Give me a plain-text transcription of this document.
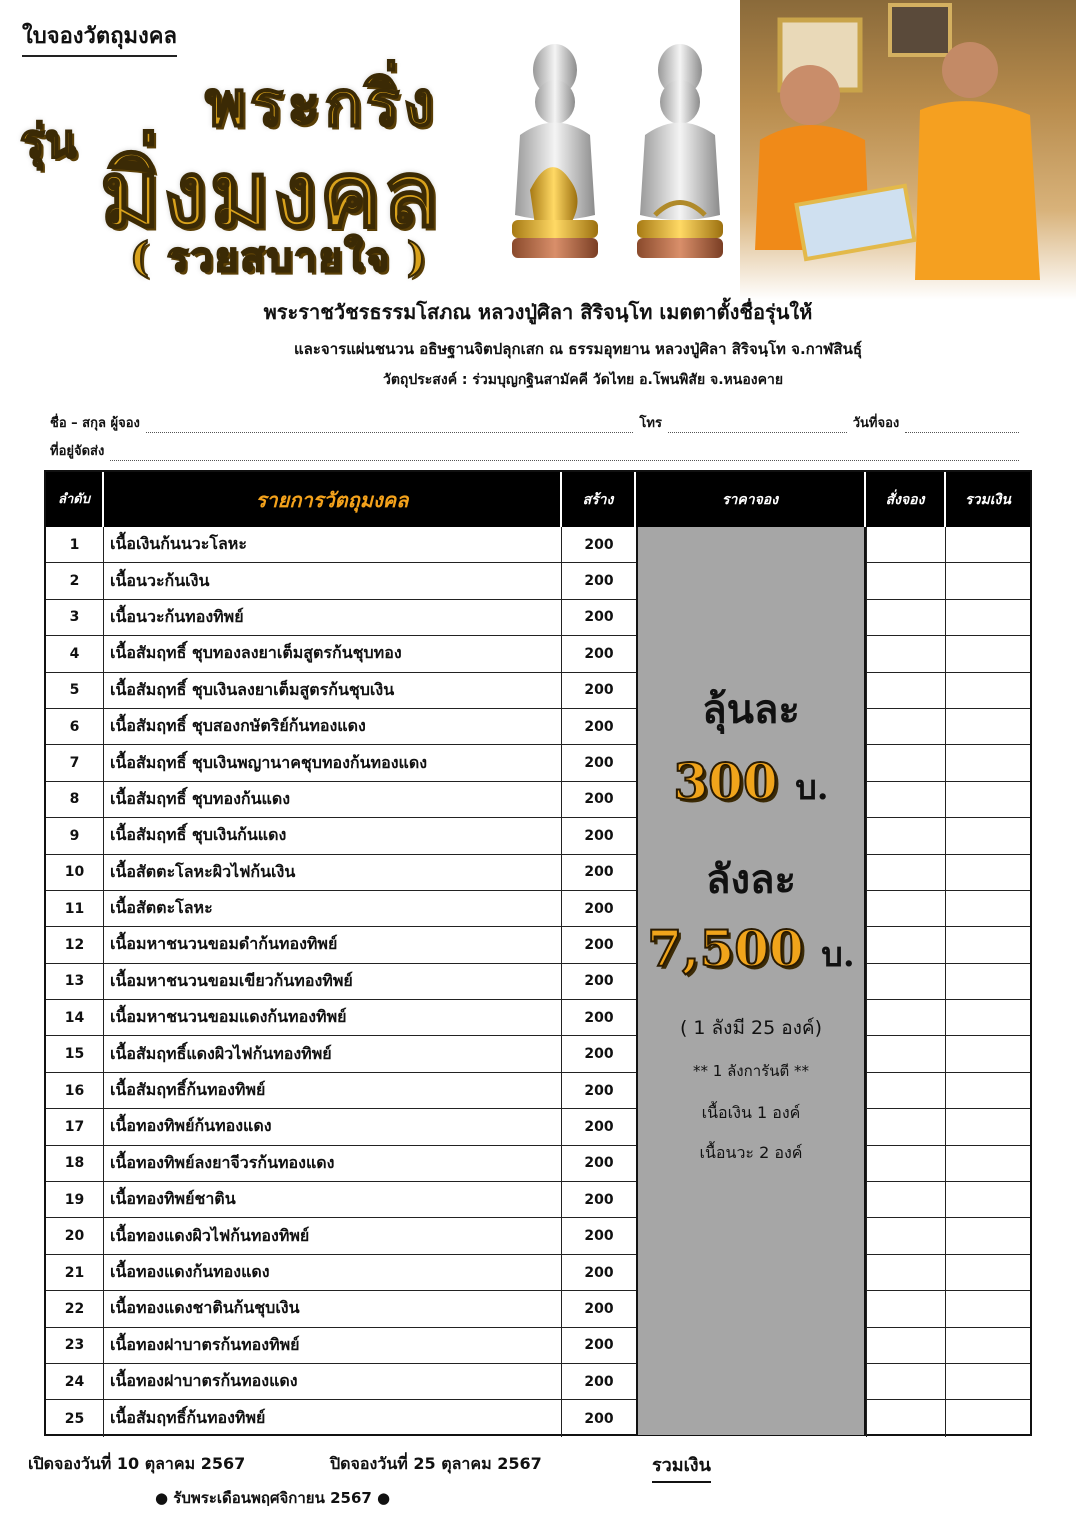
ใบจองวัตถุมงคล
รุ่น
พระกริ่ง
มิ่งมงคล
( รวยสบายใจ )
พระราชวัชรธรรมโสภณ หลวงปู่ศิลา สิริจนฺโท เมตตาตั้งชื่อรุ่นให้
และจารแผ่นชนวน อธิษฐานจิตปลุกเสก ณ ธรรมอุทยาน หลวงปู่ศิลา สิริจนฺโท จ.กาฬสินธุ์
วัตถุประสงค์ : ร่วมบุญกฐินสามัคคี วัดไทย อ.โพนพิสัย จ.หนองคาย
ชื่อ – สกุล ผู้จอง	โทร	วันที่จอง
ที่อยู่จัดส่ง
ลำดับ	รายการวัตถุมงคล	สร้าง	ราคาจอง	สั่งจอง	รวมเงิน
1	เนื้อเงินก้นนวะโลหะ	200
2	เนื้อนวะก้นเงิน	200
3	เนื้อนวะก้นทองทิพย์	200
4	เนื้อสัมฤทธิ์ ชุบทองลงยาเต็มสูตรก้นชุบทอง	200
5	เนื้อสัมฤทธิ์ ชุบเงินลงยาเต็มสูตรก้นชุบเงิน	200
6	เนื้อสัมฤทธิ์ ชุบสองกษัตริย์ก้นทองแดง	200
7	เนื้อสัมฤทธิ์ ชุบเงินพญานาคชุบทองก้นทองแดง	200
8	เนื้อสัมฤทธิ์ ชุบทองก้นแดง	200
9	เนื้อสัมฤทธิ์ ชุบเงินก้นแดง	200
10	เนื้อสัตตะโลหะผิวไฟก้นเงิน	200
11	เนื้อสัตตะโลหะ	200
12	เนื้อมหาชนวนขอมดำก้นทองทิพย์	200
13	เนื้อมหาชนวนขอมเขียวก้นทองทิพย์	200
14	เนื้อมหาชนวนขอมแดงก้นทองทิพย์	200
15	เนื้อสัมฤทธิ์แดงผิวไฟก้นทองทิพย์	200
16	เนื้อสัมฤทธิ์ก้นทองทิพย์	200
17	เนื้อทองทิพย์ก้นทองแดง	200
18	เนื้อทองทิพย์ลงยาจีวรก้นทองแดง	200
19	เนื้อทองทิพย์ชาติน	200
20	เนื้อทองแดงผิวไฟก้นทองทิพย์	200
21	เนื้อทองแดงก้นทองแดง	200
22	เนื้อทองแดงชาตินก้นชุบเงิน	200
23	เนื้อทองฝาบาตรก้นทองทิพย์	200
24	เนื้อทองฝาบาตรก้นทองแดง	200
25	เนื้อสัมฤทธิ์ก้นทองทิพย์	200
ลุ้นละ
300 บ.
ลังละ
7,500 บ.
( 1 ลังมี 25 องค์)
** 1 ลังการันตี **
เนื้อเงิน 1 องค์
เนื้อนวะ 2 องค์
เปิดจองวันที่ 10 ตุลาคม 2567	ปิดจองวันที่ 25 ตุลาคม 2567	รวมเงิน
● รับพระเดือนพฤศจิกายน 2567 ●
